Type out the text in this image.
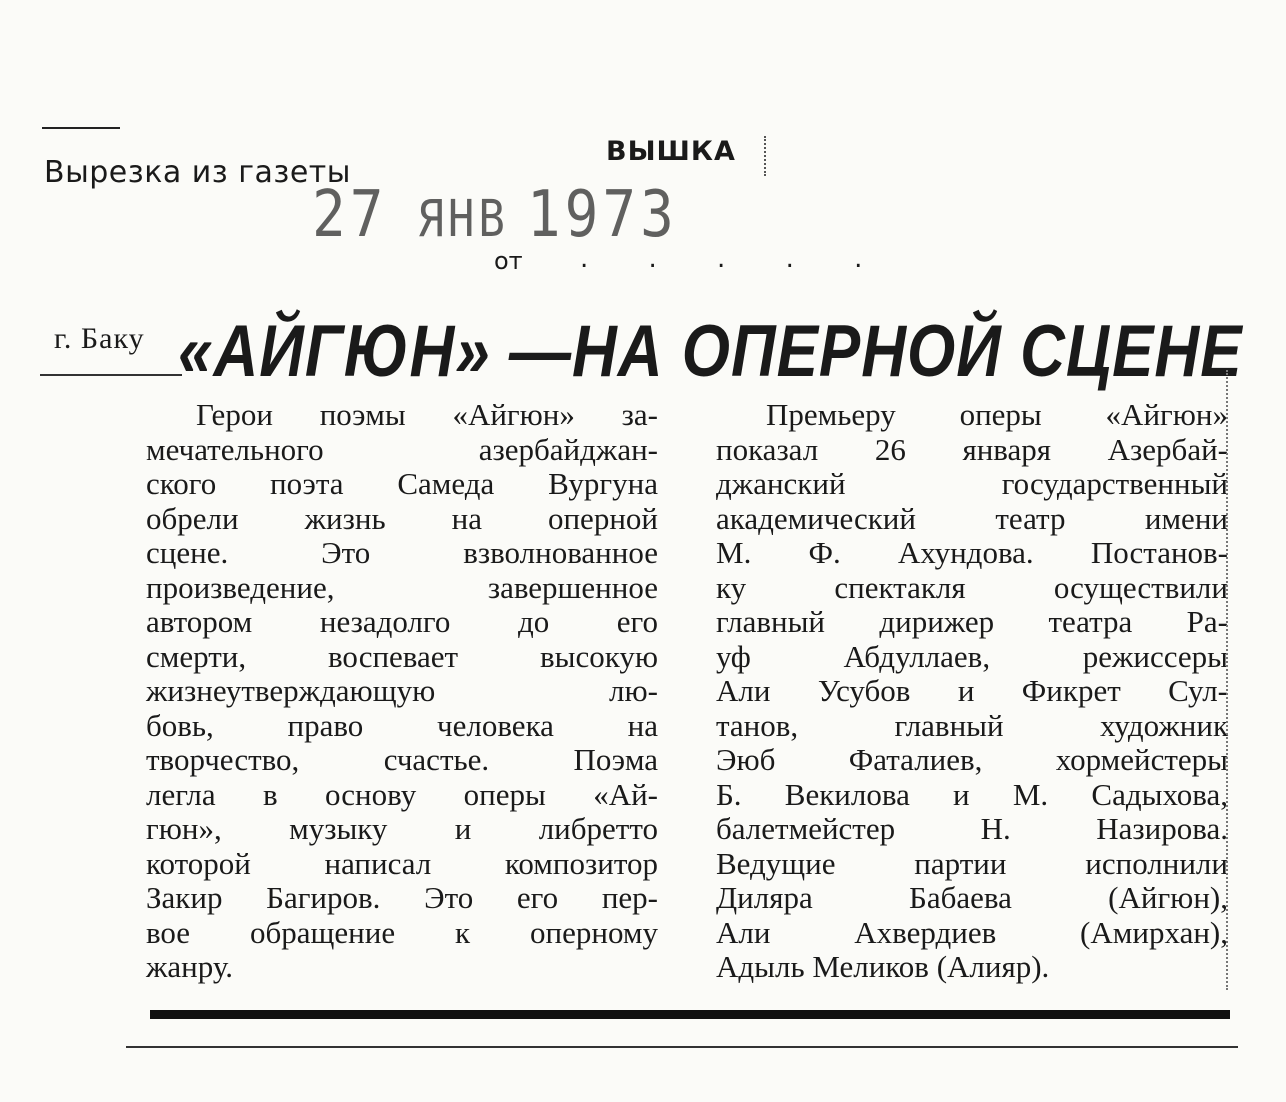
Вырезка из газеты
ВЫШКА
27 ЯНВ 1973
от . . . . .
г. Баку «АЙГЮН» —НА ОПЕРНОЙ СЦЕНЕ
Герои поэмы «Айгюн» за-
мечательного азербайджан-
ского поэта Самеда Вургуна
обрели жизнь на оперной
сцене. Это взволнованное
произведение, завершенное
автором незадолго до его
смерти, воспевает высокую
жизнеутверждающую лю-
бовь, право человека на
творчество, счастье. Поэма
легла в основу оперы «Ай-
гюн», музыку и либретто
которой написал композитор
Закир Багиров. Это его пер-
вое обращение к оперному
жанру.
Премьеру оперы «Айгюн»
показал 26 января Азербай-
джанский государственный
академический театр имени
М. Ф. Ахундова. Постанов-
ку спектакля осуществили
главный дирижер театра Ра-
уф Абдуллаев, режиссеры
Али Усубов и Фикрет Сул-
танов, главный художник
Эюб Фаталиев, хормейстеры
Б. Векилова и М. Садыхова,
балетмейстер Н. Назирова.
Ведущие партии исполнили
Диляра Бабаева (Айгюн),
Али Ахвердиев (Амирхан),
Адыль Меликов (Алияр).
